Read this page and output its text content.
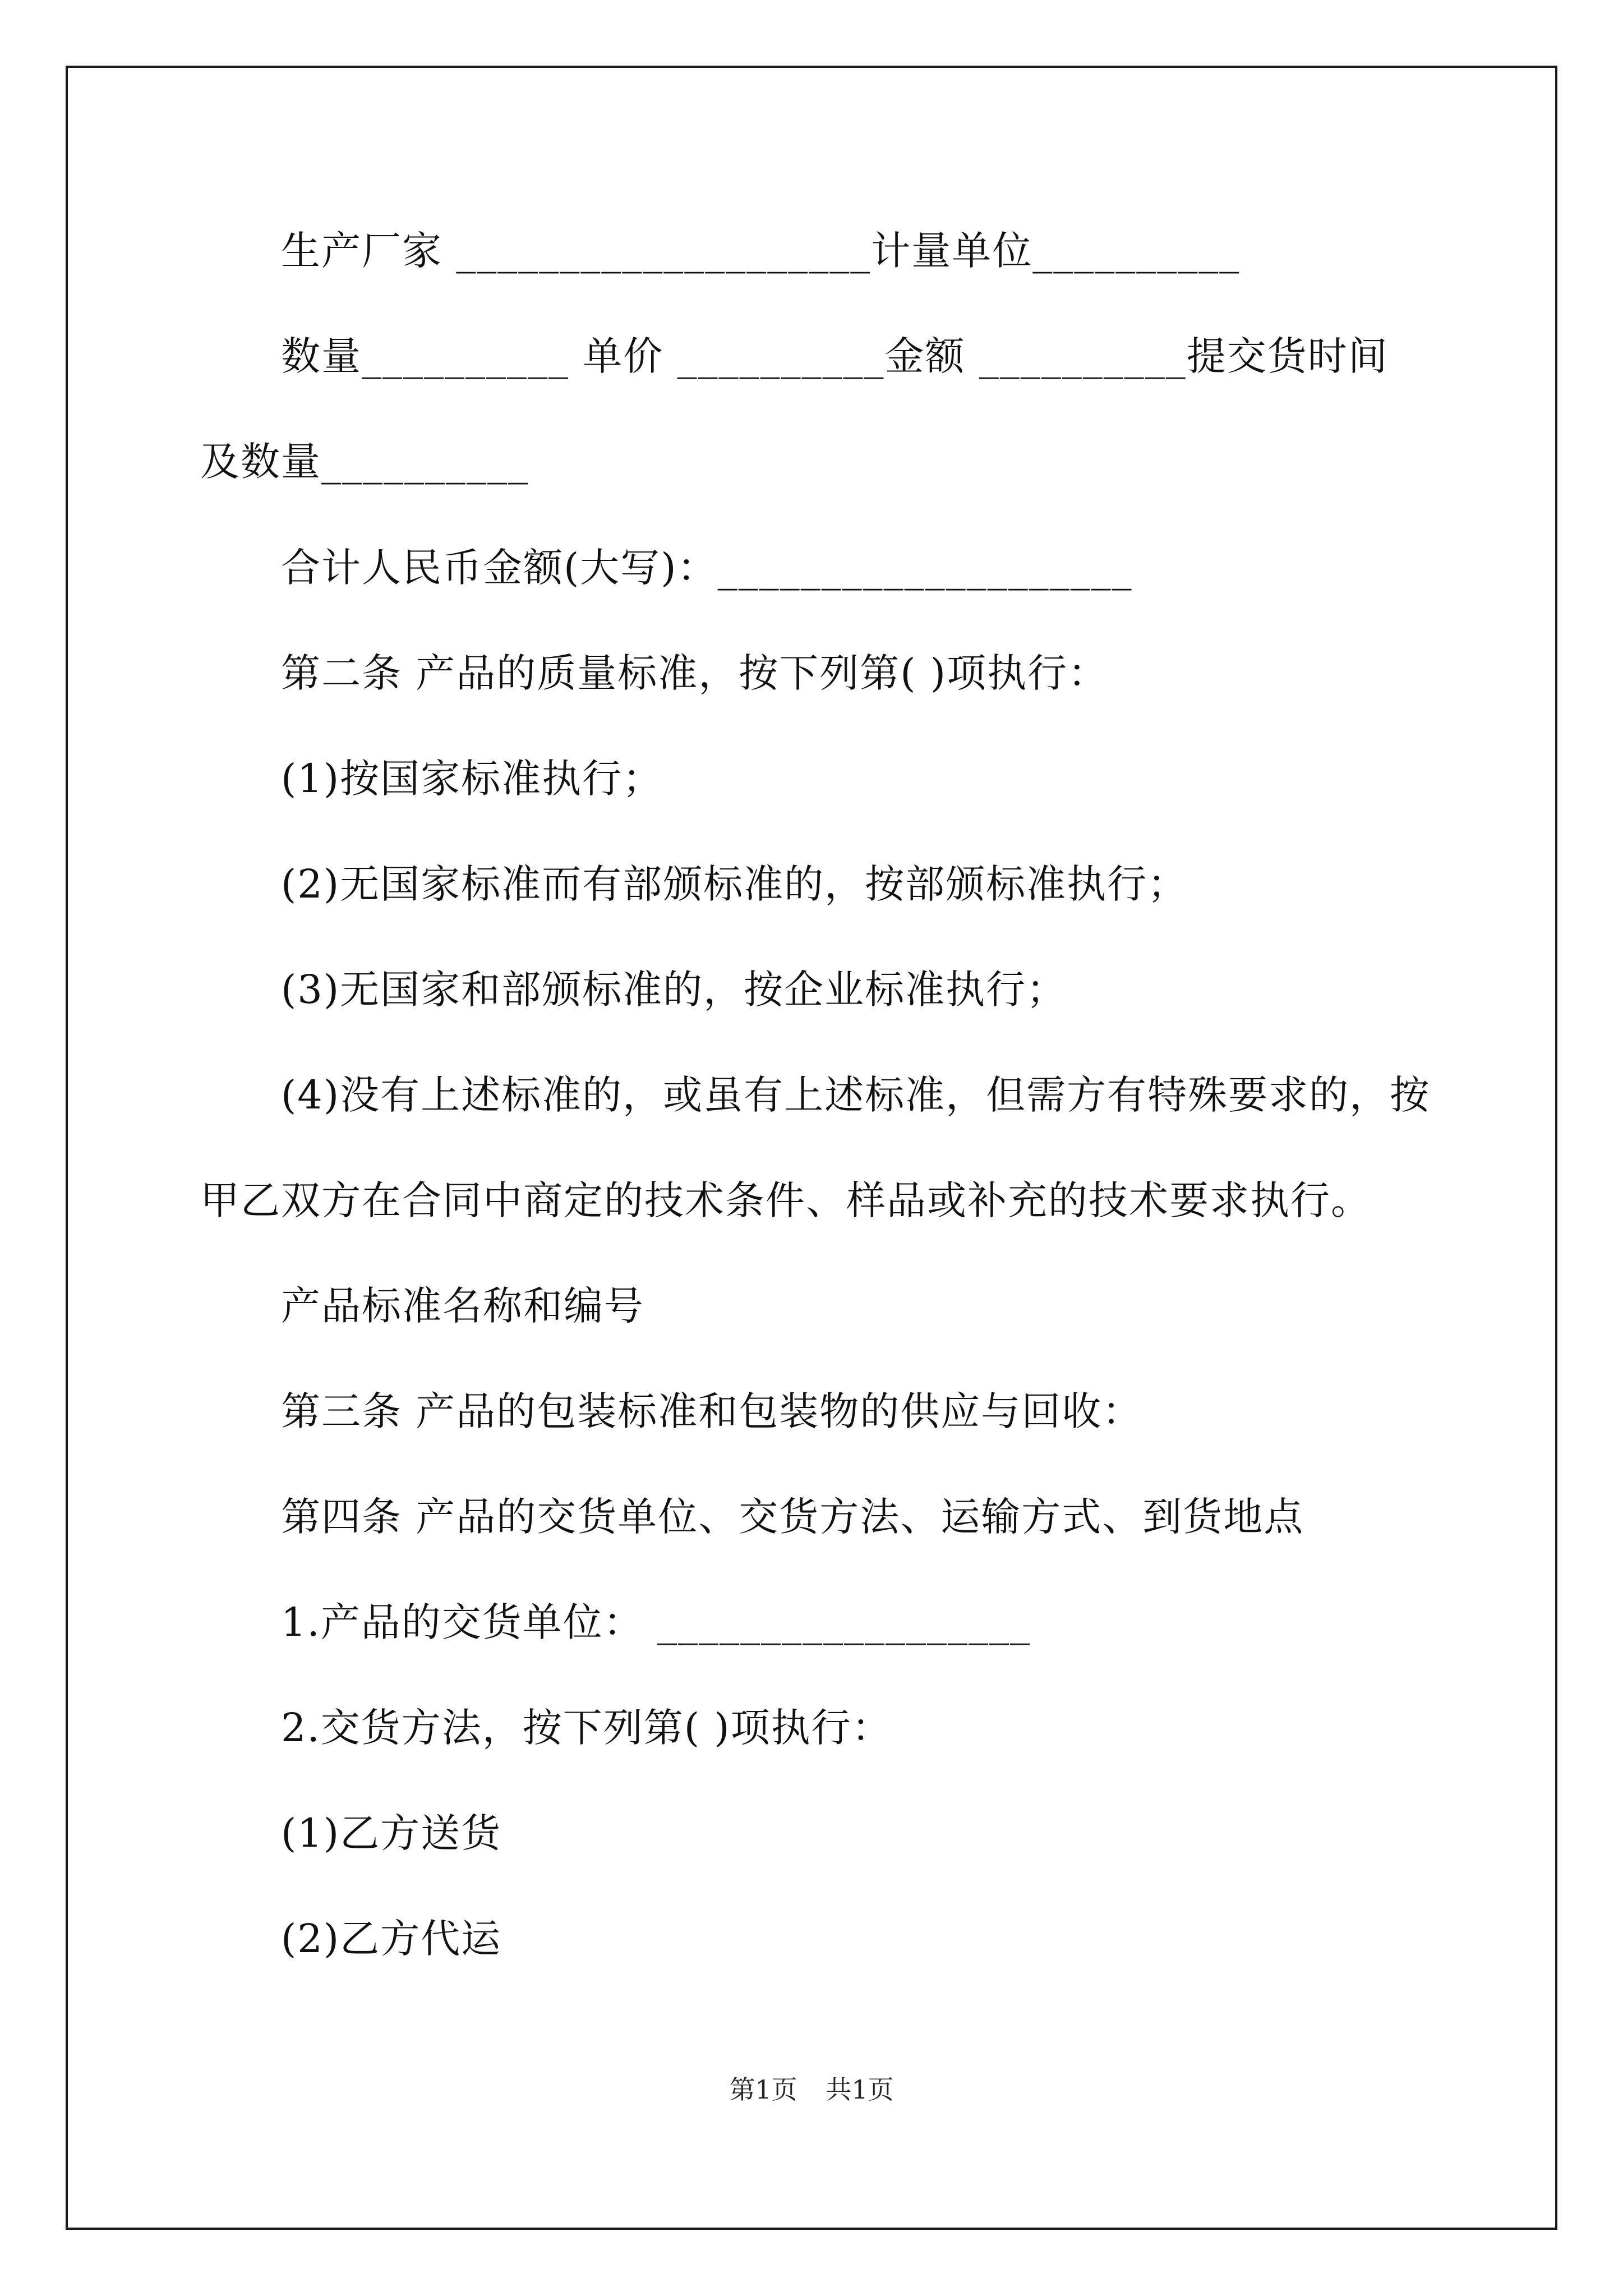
生产厂家 ____________________计量单位__________
数量__________ 单价 __________金额 __________提交货时间
及数量__________
合计人民币金额(大写)：____________________
第二条 产品的质量标准，按下列第( )项执行：
(1)按国家标准执行；
(2)无国家标准而有部颁标准的，按部颁标准执行；
(3)无国家和部颁标准的，按企业标准执行；
(4)没有上述标准的，或虽有上述标准，但需方有特殊要求的，按
甲乙双方在合同中商定的技术条件、样品或补充的技术要求执行。
产品标准名称和编号
第三条 产品的包装标准和包装物的供应与回收：
第四条 产品的交货单位、交货方法、运输方式、到货地点
1.产品的交货单位： __________________
2.交货方法，按下列第( )项执行：
(1)乙方送货
(2)乙方代运
第1页 共1页
